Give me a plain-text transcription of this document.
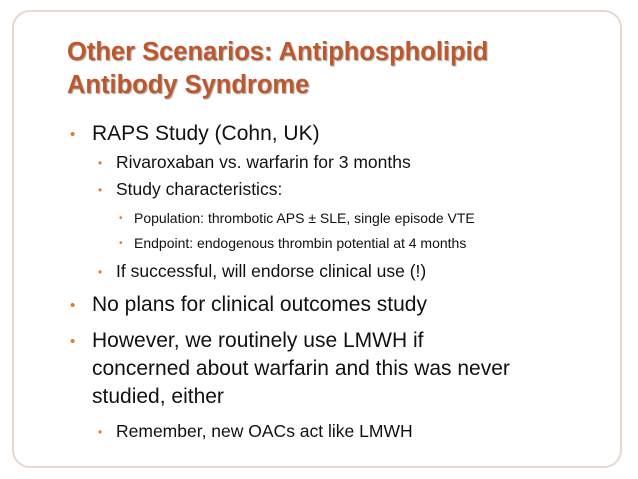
Other Scenarios: Antiphospholipid
Antibody Syndrome
• RAPS Study (Cohn, UK)
• Rivaroxaban vs. warfarin for 3 months
• Study characteristics:
• Population: thrombotic APS ± SLE, single episode VTE
• Endpoint: endogenous thrombin potential at 4 months
• If successful, will endorse clinical use (!)
• No plans for clinical outcomes study
• However, we routinely use LMWH if
concerned about warfarin and this was never
studied, either
• Remember, new OACs act like LMWH
